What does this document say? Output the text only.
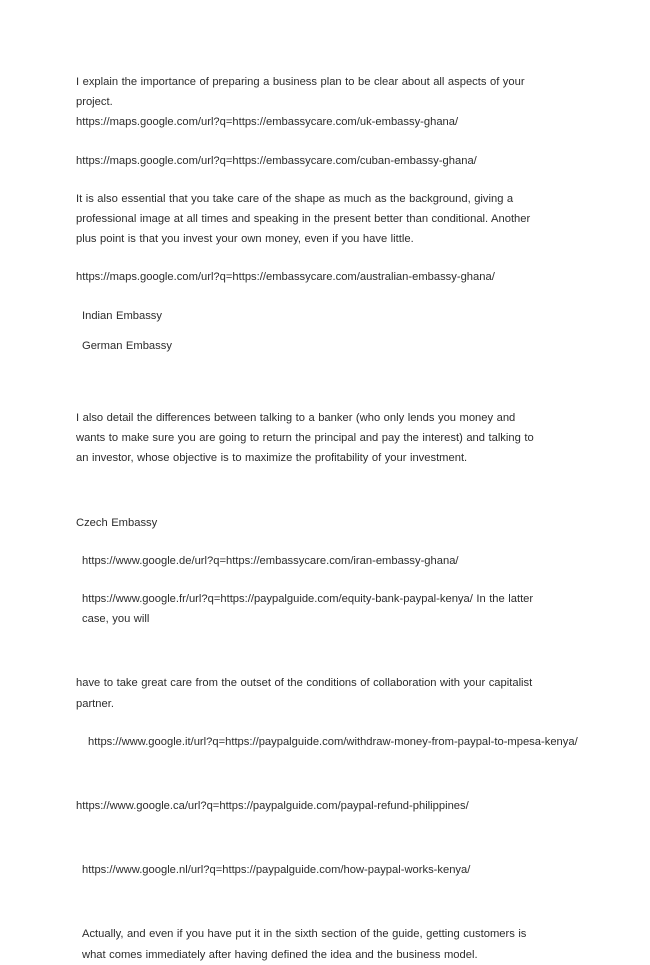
I explain the importance of preparing a business plan to be clear about all aspects of your project.
https://maps.google.com/url?q=https://embassycare.com/uk-embassy-ghana/

https://maps.google.com/url?q=https://embassycare.com/cuban-embassy-ghana/

It is also essential that you take care of the shape as much as the background, giving a professional image at all times and speaking in the present better than conditional. Another plus point is that you invest your own money, even if you have little.

https://maps.google.com/url?q=https://embassycare.com/australian-embassy-ghana/

Indian Embassy

German Embassy

I also detail the differences between talking to a banker (who only lends you money and wants to make sure you are going to return the principal and pay the interest) and talking to an investor, whose objective is to maximize the profitability of your investment.

Czech Embassy

https://www.google.de/url?q=https://embassycare.com/iran-embassy-ghana/

https://www.google.fr/url?q=https://paypalguide.com/equity-bank-paypal-kenya/ In the latter case, you will

have to take great care from the outset of the conditions of collaboration with your capitalist partner.

https://www.google.it/url?q=https://paypalguide.com/withdraw-money-from-paypal-to-mpesa-kenya/

https://www.google.ca/url?q=https://paypalguide.com/paypal-refund-philippines/

https://www.google.nl/url?q=https://paypalguide.com/how-paypal-works-kenya/

Actually, and even if you have put it in the sixth section of the guide, getting customers is what comes immediately after having defined the idea and the business model.
